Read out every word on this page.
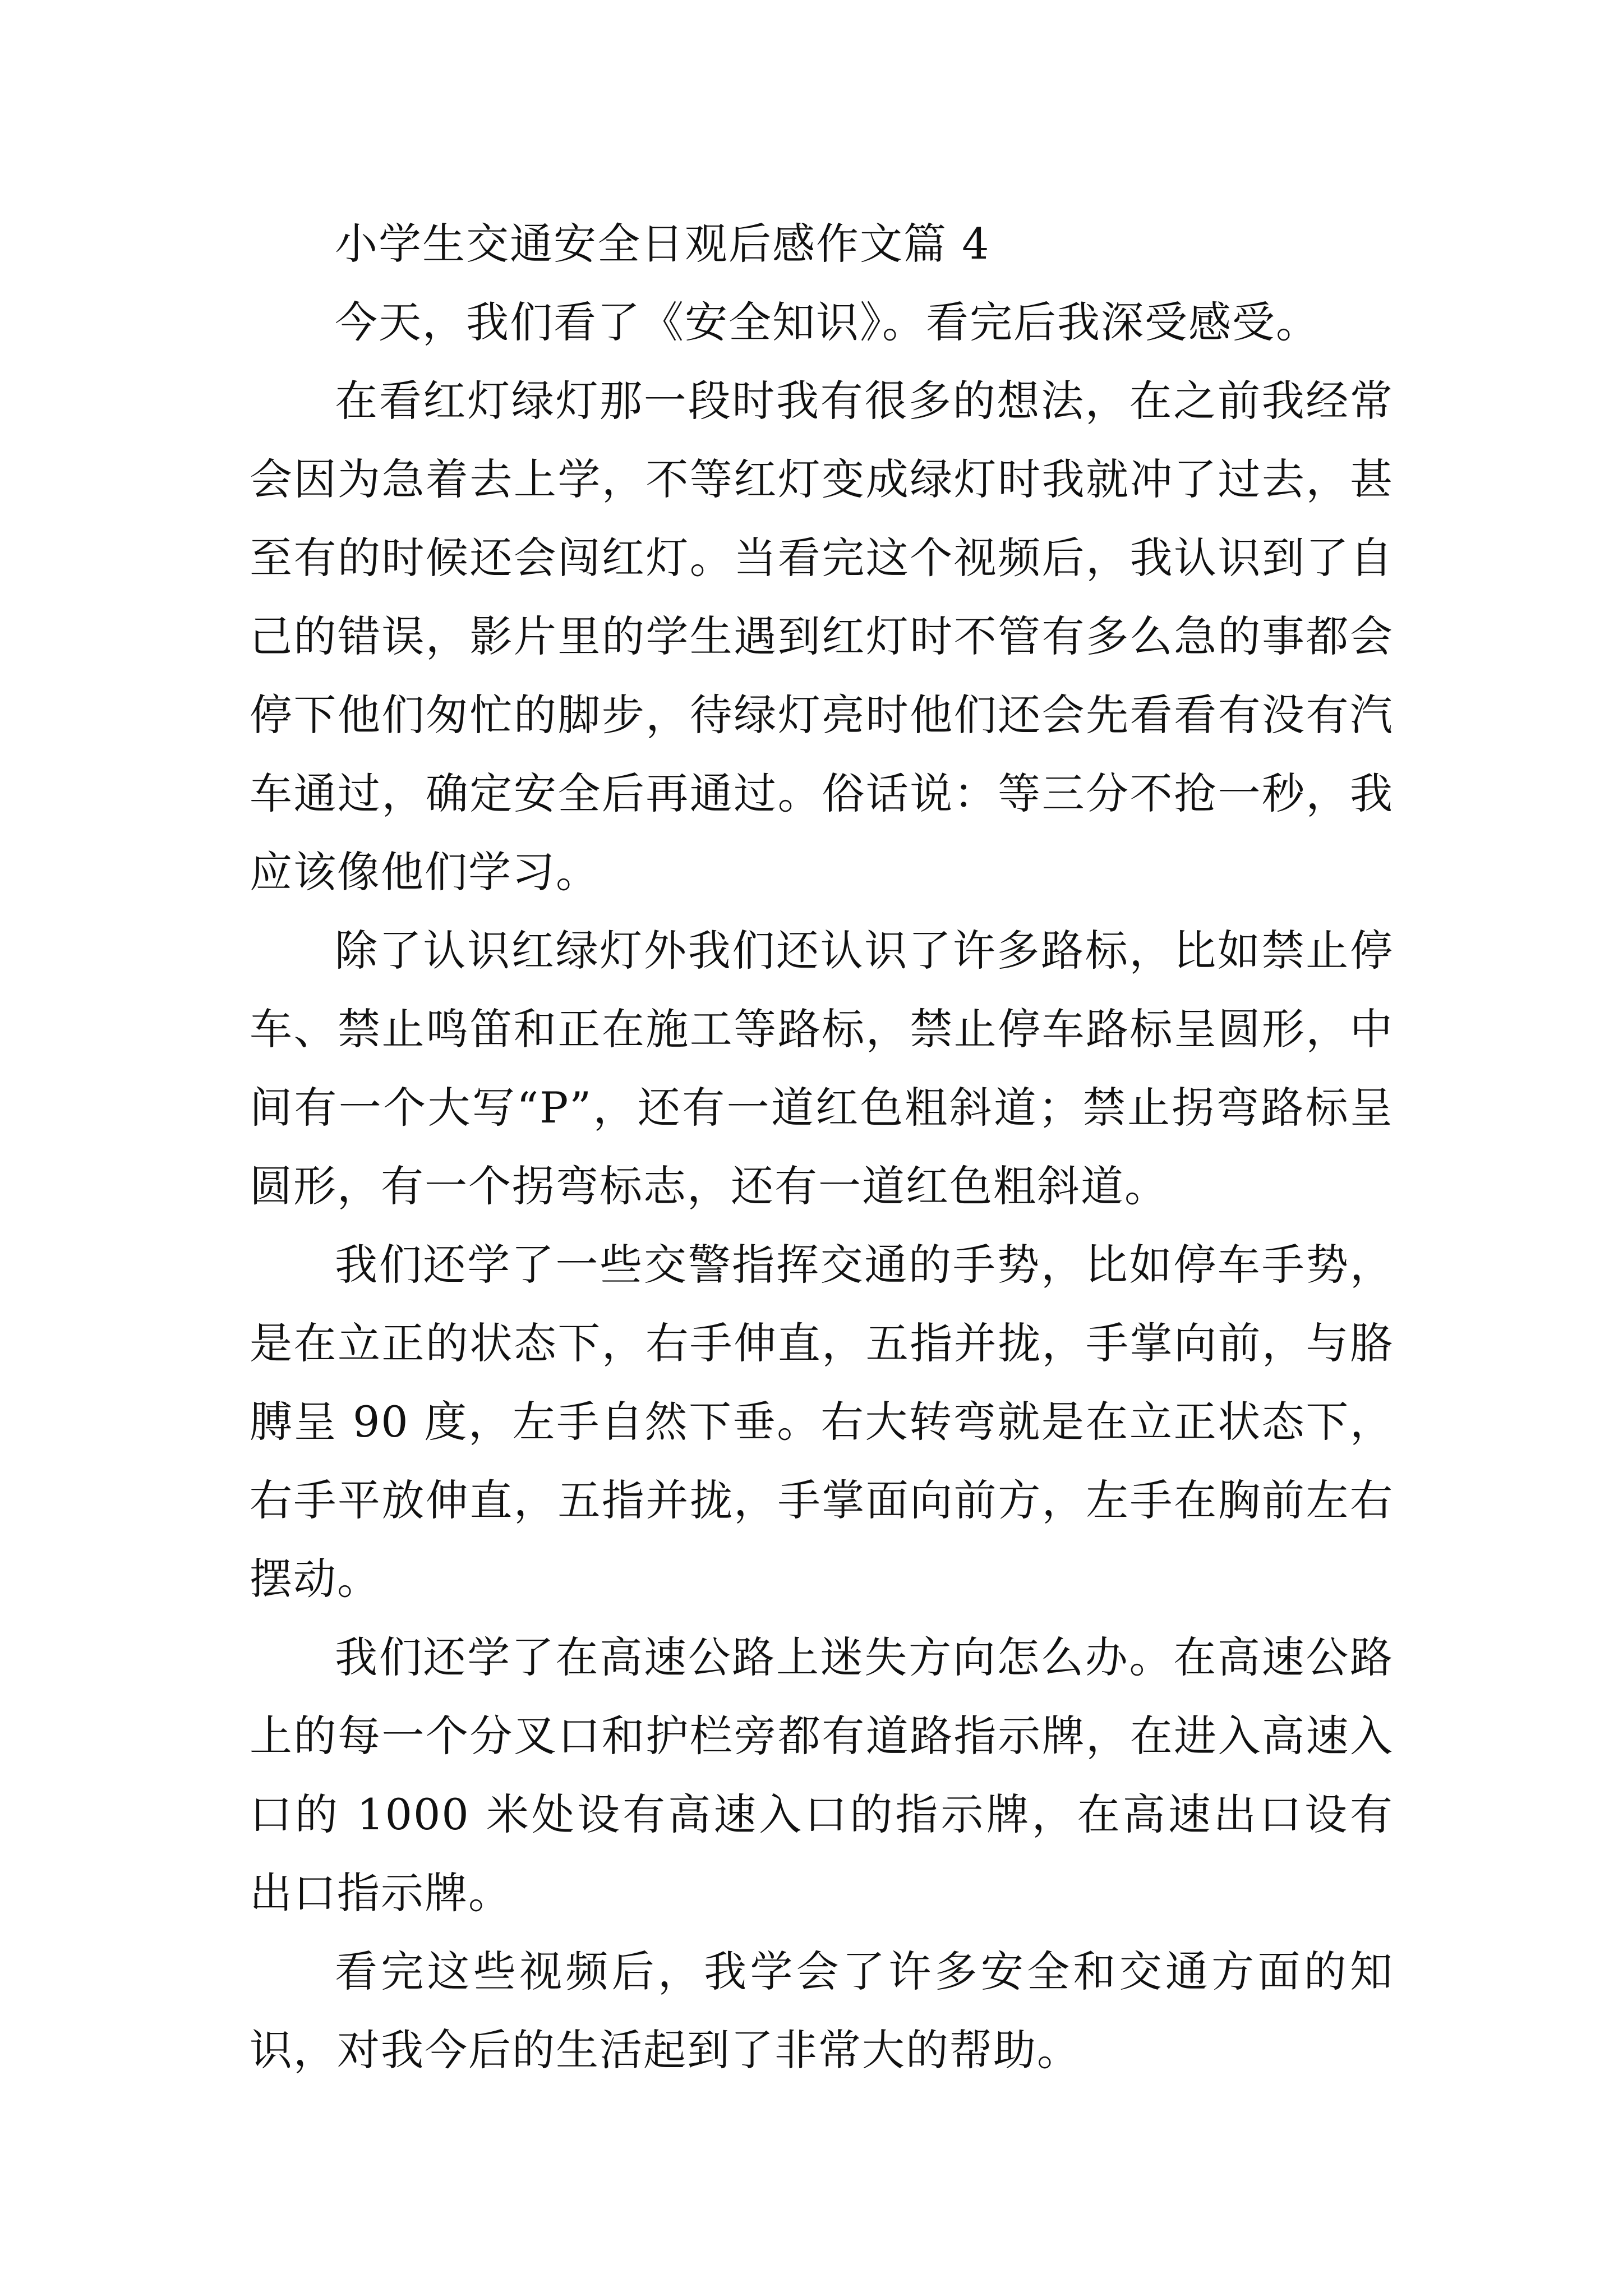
小学生交通安全日观后感作文篇 4

今天，我们看了《安全知识》。看完后我深受感受。

在看红灯绿灯那一段时我有很多的想法，在之前我经常会因为急着去上学，不等红灯变成绿灯时我就冲了过去，甚至有的时候还会闯红灯。当看完这个视频后，我认识到了自己的错误，影片里的学生遇到红灯时不管有多么急的事都会停下他们匆忙的脚步，待绿灯亮时他们还会先看看有没有汽车通过，确定安全后再通过。俗话说：等三分不抢一秒，我应该像他们学习。

除了认识红绿灯外我们还认识了许多路标，比如禁止停车、禁止鸣笛和正在施工等路标，禁止停车路标呈圆形，中间有一个大写“P”，还有一道红色粗斜道；禁止拐弯路标呈圆形，有一个拐弯标志，还有一道红色粗斜道。

我们还学了一些交警指挥交通的手势，比如停车手势，是在立正的状态下，右手伸直，五指并拢，手掌向前，与胳膊呈 90 度，左手自然下垂。右大转弯就是在立正状态下，右手平放伸直，五指并拢，手掌面向前方，左手在胸前左右摆动。

我们还学了在高速公路上迷失方向怎么办。在高速公路上的每一个分叉口和护栏旁都有道路指示牌，在进入高速入口的 1000 米处设有高速入口的指示牌，在高速出口设有出口指示牌。

看完这些视频后，我学会了许多安全和交通方面的知识，对我今后的生活起到了非常大的帮助。
